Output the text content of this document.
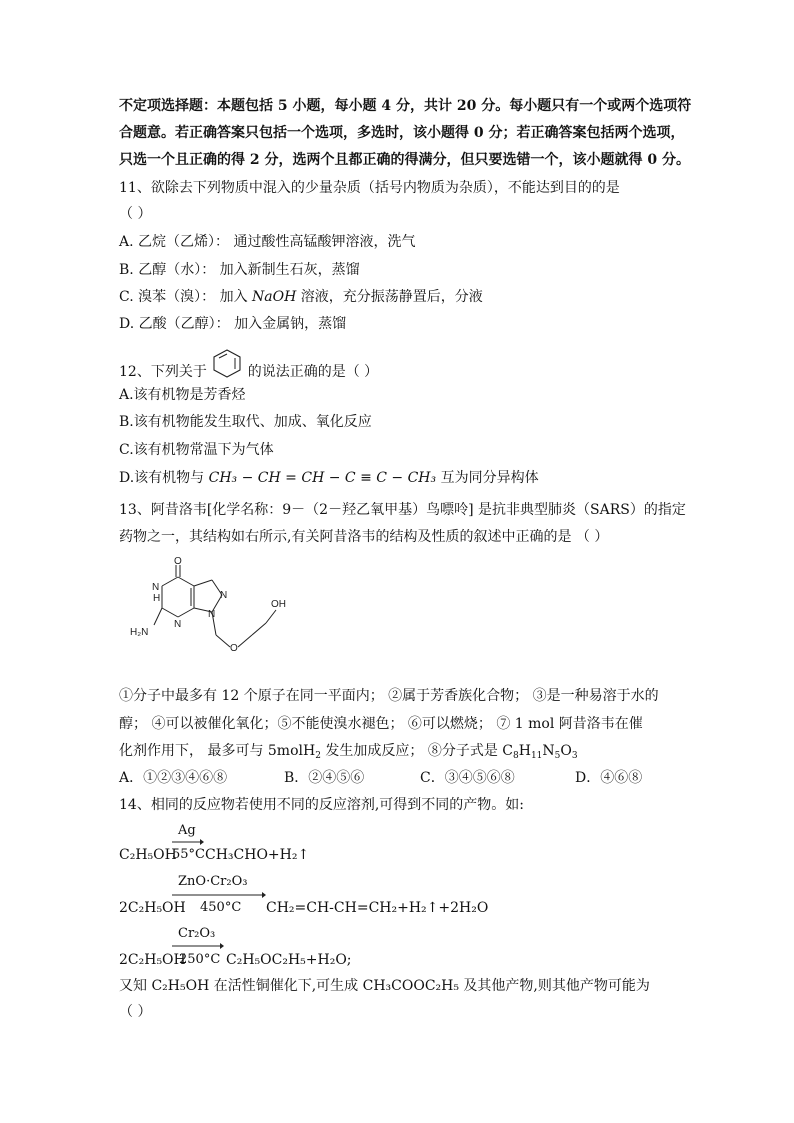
不定项选择题：本题包括 5 小题，每小题 4 分，共计 20 分。每小题只有一个或两个选项符
合题意。若正确答案只包括一个选项，多选时，该小题得 0 分；若正确答案包括两个选项，
只选一个且正确的得 2 分，选两个且都正确的得满分，但只要选错一个，该小题就得 0 分。
11、欲除去下列物质中混入的少量杂质（括号内物质为杂质），不能达到目的的是
（ ）
A. 乙烷（乙烯）： 通过酸性高锰酸钾溶液，洗气
B. 乙醇（水）： 加入新制生石灰，蒸馏
C. 溴苯（溴）： 加入 NaOH 溶液，充分振荡静置后，分液
D. 乙酸（乙醇）： 加入金属钠，蒸馏
12、下列关于	的说法正确的是（ ）
A.该有机物是芳香烃
B.该有机物能发生取代、加成、氧化反应
C.该有机物常温下为气体
D.该有机物与 CH₃ − CH = CH − C ≡ C − CH₃ 互为同分异构体
13、阿昔洛韦[化学名称：9－（2－羟乙氧甲基）鸟嘌呤] 是抗非典型肺炎（SARS）的指定
药物之一，其结构如右所示,有关阿昔洛韦的结构及性质的叙述中正确的是 （ ）
O
N
H	N
N
N
H₂N
OH
O
①分子中最多有 12 个原子在同一平面内； ②属于芳香族化合物； ③是一种易溶于水的
醇； ④可以被催化氧化；⑤不能使溴水褪色； ⑥可以燃烧； ⑦ 1 mol 阿昔洛韦在催
化剂作用下， 最多可与 5molH$_2$ 发生加成反应； ⑧分子式是 $C_8H_{11}N_5O_3$
A．①②③④⑥⑧	B．②④⑤⑥	C．③④⑤⑥⑧	D．④⑥⑧
14、相同的反应物若使用不同的反应溶剂,可得到不同的产物。如:
Ag
C₂H₅OH
55°C CH₃CHO+H₂↑
ZnO·Cr₂O₃
2C₂H₅OH 450°C CH₂=CH-CH=CH₂+H₂↑+2H₂O
Cr₂O₃
2C₂H₅OH
250°C C₂H₅OC₂H₅+H₂O;
又知 C₂H₅OH 在活性铜催化下,可生成 CH₃COOC₂H₅ 及其他产物,则其他产物可能为
（ ）
